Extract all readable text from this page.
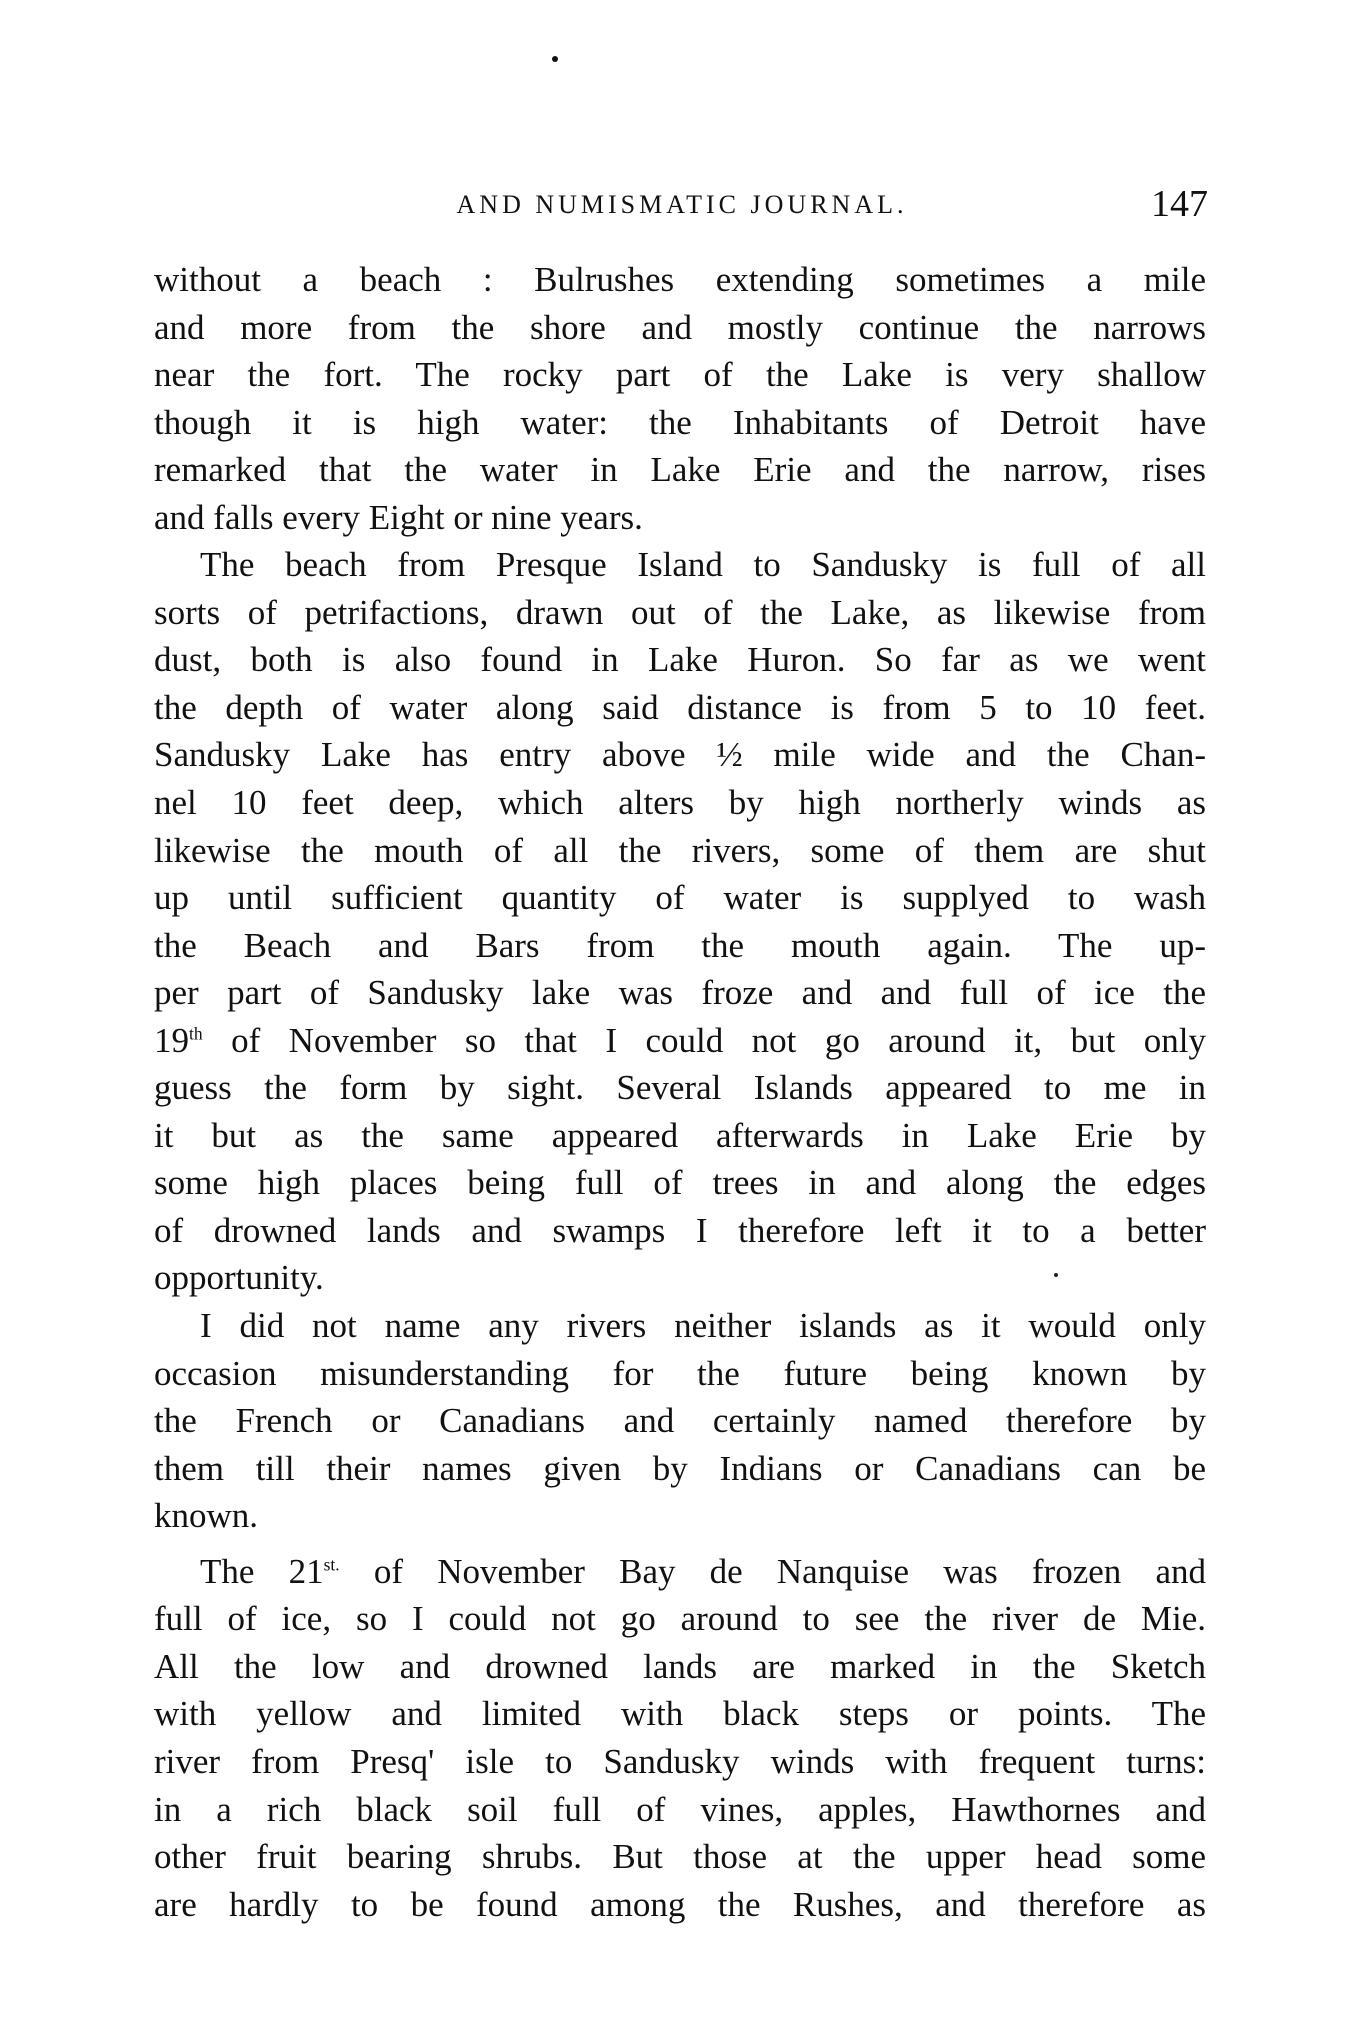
AND NUMISMATIC JOURNAL.	147
without a beach : Bulrushes extending sometimes a mile
and more from the shore and mostly continue the narrows
near the fort. The rocky part of the Lake is very shallow
though it is high water: the Inhabitants of Detroit have
remarked that the water in Lake Erie and the narrow, rises
and falls every Eight or nine years.
The beach from Presque Island to Sandusky is full of all
sorts of petrifactions, drawn out of the Lake, as likewise from
dust, both is also found in Lake Huron. So far as we went
the depth of water along said distance is from 5 to 10 feet.
Sandusky Lake has entry above ½ mile wide and the Chan-
nel 10 feet deep, which alters by high northerly winds as
likewise the mouth of all the rivers, some of them are shut
up until sufficient quantity of water is supplyed to wash
the Beach and Bars from the mouth again. The up-
per part of Sandusky lake was froze and and full of ice the
19th of November so that I could not go around it, but only
guess the form by sight. Several Islands appeared to me in
it but as the same appeared afterwards in Lake Erie by
some high places being full of trees in and along the edges
of drowned lands and swamps I therefore left it to a better
opportunity.
I did not name any rivers neither islands as it would only
occasion misunderstanding for the future being known by
the French or Canadians and certainly named therefore by
them till their names given by Indians or Canadians can be
known.
The $21^{st.}$ of November Bay de Nanquise was frozen and
full of ice, so I could not go around to see the river de Mie.
All the low and drowned lands are marked in the Sketch
with yellow and limited with black steps or points. The
river from Presq' isle to Sandusky winds with frequent turns:
in a rich black soil full of vines, apples, Hawthornes and
other fruit bearing shrubs. But those at the upper head some
are hardly to be found among the Rushes, and therefore as
